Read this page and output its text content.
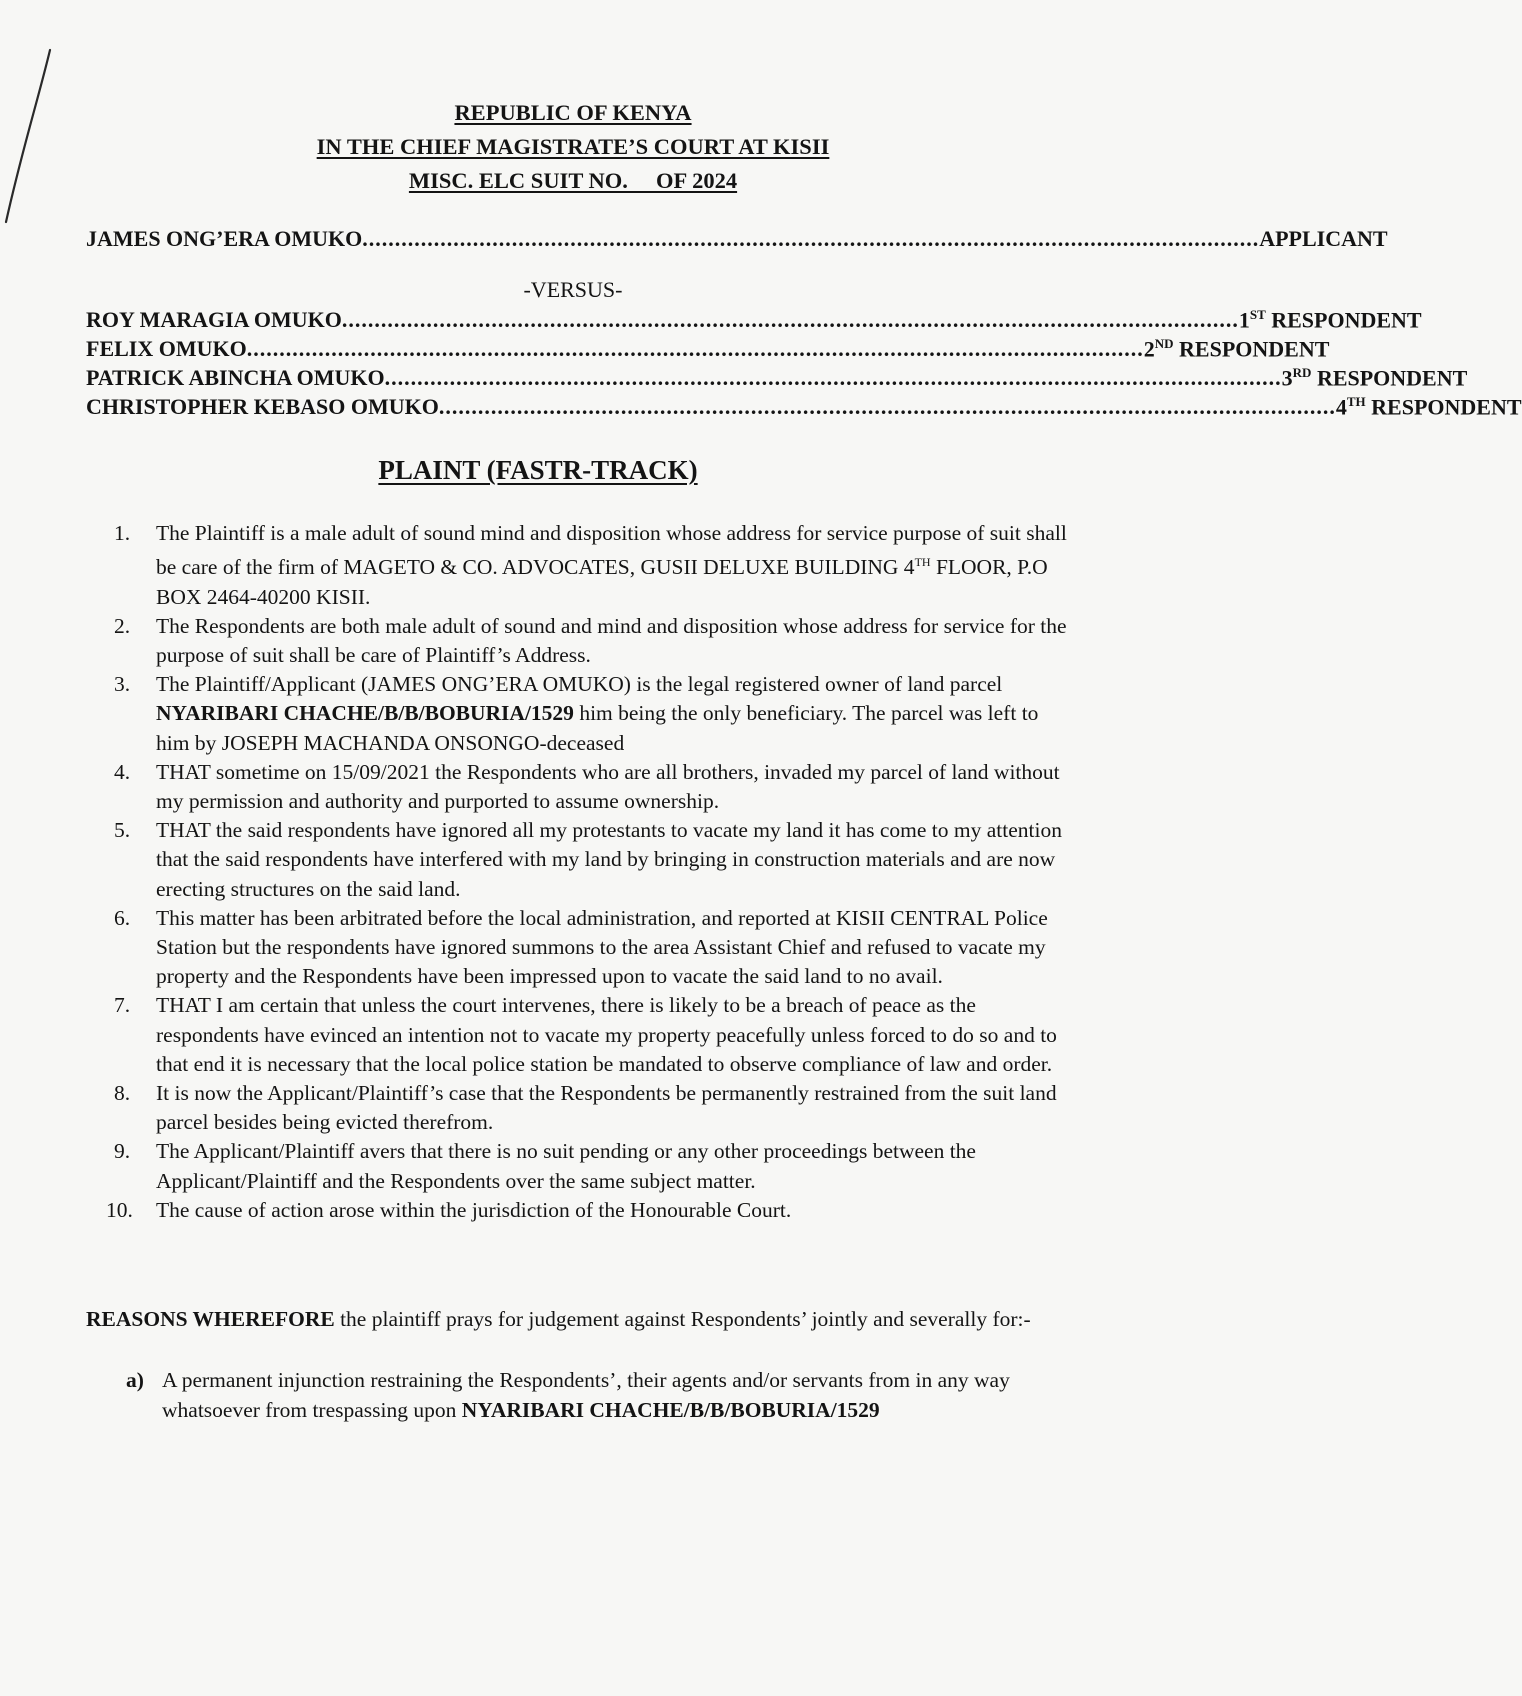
REPUBLIC OF KENYA
IN THE CHIEF MAGISTRATE’S COURT AT KISII
MISC. ELC SUIT NO.     OF 2024
JAMES ONG’ERA OMUKO .......................................................................................................................................... APPLICANT
-VERSUS-
ROY MARAGIA OMUKO .......................................................................................................................................... 1ST RESPONDENT
FELIX OMUKO .......................................................................................................................................... 2ND RESPONDENT
PATRICK ABINCHA OMUKO .......................................................................................................................................... 3RD RESPONDENT
CHRISTOPHER KEBASO OMUKO .......................................................................................................................................... 4TH RESPONDENT
PLAINT (FASTR-TRACK)
1.	The Plaintiff is a male adult of sound mind and disposition whose address for service purpose of suit shall be care of the firm of MAGETO & CO. ADVOCATES, GUSII DELUXE BUILDING 4TH FLOOR, P.O BOX 2464-40200 KISII.
2.	The Respondents are both male adult of sound and mind and disposition whose address for service for the purpose of suit shall be care of Plaintiff’s Address.
3.	The Plaintiff/Applicant (JAMES ONG’ERA OMUKO) is the legal registered owner of land parcel NYARIBARI CHACHE/B/B/BOBURIA/1529 him being the only beneficiary. The parcel was left to him by JOSEPH MACHANDA ONSONGO-deceased
4.	THAT sometime on 15/09/2021 the Respondents who are all brothers, invaded my parcel of land without my permission and authority and purported to assume ownership.
5.	THAT the said respondents have ignored all my protestants to vacate my land it has come to my attention that the said respondents have interfered with my land by bringing in construction materials and are now erecting structures on the said land.
6.	This matter has been arbitrated before the local administration, and reported at KISII CENTRAL Police Station but the respondents have ignored summons to the area Assistant Chief and refused to vacate my property and the Respondents have been impressed upon to vacate the said land to no avail.
7.	THAT I am certain that unless the court intervenes, there is likely to be a breach of peace as the respondents have evinced an intention not to vacate my property peacefully unless forced to do so and to that end it is necessary that the local police station be mandated to observe compliance of law and order.
8.	It is now the Applicant/Plaintiff’s case that the Respondents be permanently restrained from the suit land parcel besides being evicted therefrom.
9.	The Applicant/Plaintiff avers that there is no suit pending or any other proceedings between the Applicant/Plaintiff and the Respondents over the same subject matter.
10.	The cause of action arose within the jurisdiction of the Honourable Court.
REASONS WHEREFORE the plaintiff prays for judgement against Respondents’ jointly and severally for:-
a) A permanent injunction restraining the Respondents’, their agents and/or servants from in any way whatsoever from trespassing upon NYARIBARI CHACHE/B/B/BOBURIA/1529
